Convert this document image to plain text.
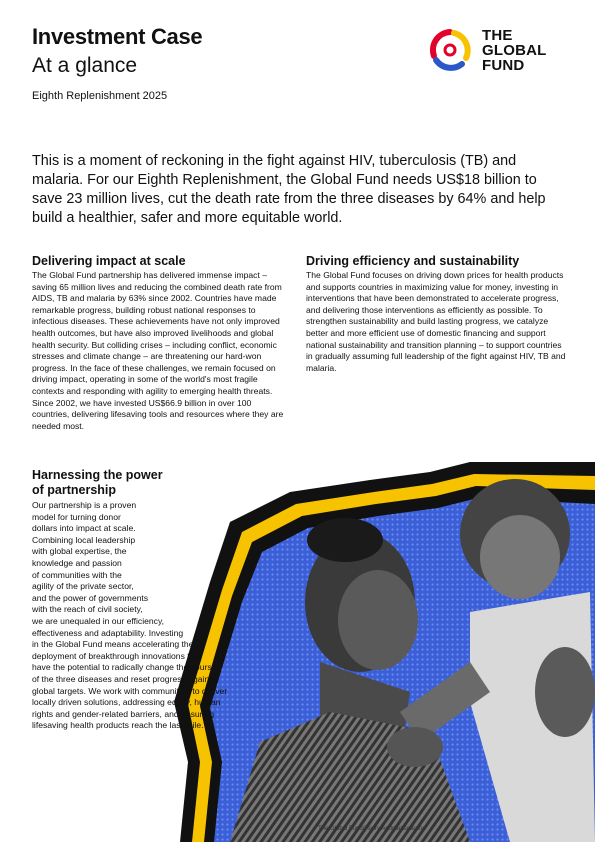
Investment Case
At a glance
Eighth Replenishment 2025
THE
GLOBAL
FUND
This is a moment of reckoning in the fight against HIV, tuberculosis (TB) and malaria. For our Eighth Replenishment, the Global Fund needs US$18 billion to save 23 million lives, cut the death rate from the three diseases by 64% and help build a healthier, safer and more equitable world.
Delivering impact at scale
The Global Fund partnership has delivered immense impact – saving 65 million lives and reducing the combined death rate from AIDS, TB and malaria by 63% since 2002. Countries have made remarkable progress, building robust national responses to infectious diseases. These achievements have not only improved health outcomes, but have also improved livelihoods and global health security. But colliding crises – including conflict, economic stresses and climate change – are threatening our hard-won progress. In the face of these challenges, we remain focused on driving impact, operating in some of the world's most fragile contexts and responding with agility to emerging health threats. Since 2002, we have invested US$66.9 billion in over 100 countries, delivering lifesaving tools and resources where they are needed most.
Driving efficiency and sustainability
The Global Fund focuses on driving down prices for health products and supports countries in maximizing value for money, investing in interventions that have been demonstrated to accelerate progress, and delivering those interventions as efficiently as possible. To strengthen sustainability and build lasting progress, we catalyze better and more efficient use of domestic financing and support national sustainability and transition planning – to support countries in gradually assuming full leadership of the fight against HIV, TB and malaria.
Harnessing the power
of partnership
Our partnership is a proven
model for turning donor
dollars into impact at scale.
Combining local leadership
with global expertise, the
knowledge and passion
of communities with the
agility of the private sector,
and the power of governments
with the reach of civil society,
we are unequaled in our efficiency,
effectiveness and adaptability. Investing
in the Global Fund means accelerating the
deployment of breakthrough innovations that
have the potential to radically change the course
of the three diseases and reset progress against
global targets. We work with communities to deliver
locally driven solutions, addressing equity, human
rights and gender-related barriers, and ensuring
lifesaving health products reach the last mile.
The Global Fund/Tsiory Andriantsoarana
